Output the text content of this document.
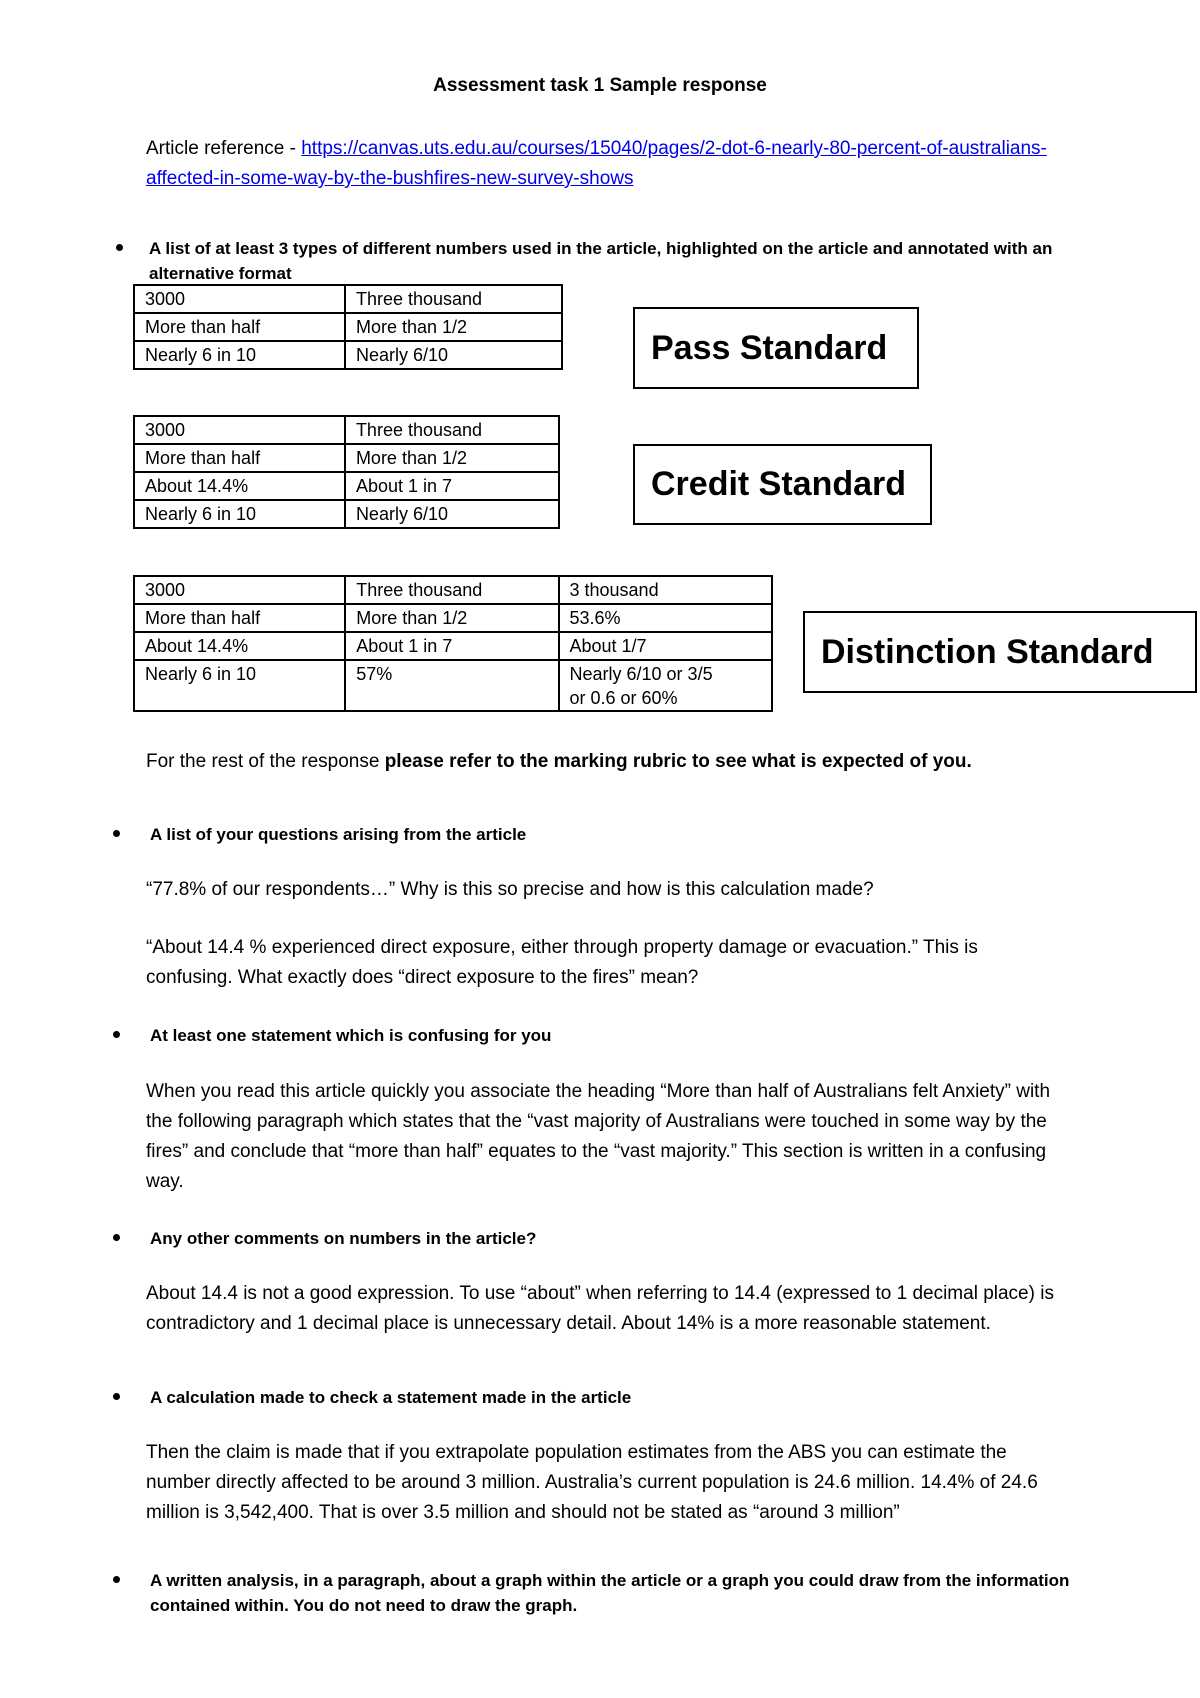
Assessment task 1 Sample response
Article reference - https://canvas.uts.edu.au/courses/15040/pages/2-dot-6-nearly-80-percent-of-australians-
affected-in-some-way-by-the-bushfires-new-survey-shows
A list of at least 3 types of different numbers used in the article, highlighted on the article and annotated with an
alternative format
3000	Three thousand

More than half	More than 1/2

Nearly 6 in 10	Nearly 6/10	Pass Standard
3000	Three thousand

More than half	More than 1/2

About 14.4%	About 1 in 7

Nearly 6 in 10	Nearly 6/10
Credit Standard
3000	Three thousand	3 thousand

More than half	More than 1/2	53.6%

About 14.4%	About 1 in 7	About 1/7

Nearly 6 in 10	57%	Nearly 6/10 or 3/5
or 0.6 or 60%
Distinction Standard
For the rest of the response please refer to the marking rubric to see what is expected of you.
A list of your questions arising from the article
“77.8% of our respondents…” Why is this so precise and how is this calculation made?
“About 14.4 % experienced direct exposure, either through property damage or evacuation.” This is
confusing. What exactly does “direct exposure to the fires” mean?
At least one statement which is confusing for you
When you read this article quickly you associate the heading “More than half of Australians felt Anxiety” with
the following paragraph which states that the “vast majority of Australians were touched in some way by the
fires” and conclude that “more than half” equates to the “vast majority.” This section is written in a confusing
way.
Any other comments on numbers in the article?
About 14.4 is not a good expression. To use “about” when referring to 14.4 (expressed to 1 decimal place) is
contradictory and 1 decimal place is unnecessary detail. About 14% is a more reasonable statement.
A calculation made to check a statement made in the article
Then the claim is made that if you extrapolate population estimates from the ABS you can estimate the
number directly affected to be around 3 million. Australia’s current population is 24.6 million. 14.4% of 24.6
million is 3,542,400. That is over 3.5 million and should not be stated as “around 3 million”
A written analysis, in a paragraph, about a graph within the article or a graph you could draw from the information
contained within. You do not need to draw the graph.
